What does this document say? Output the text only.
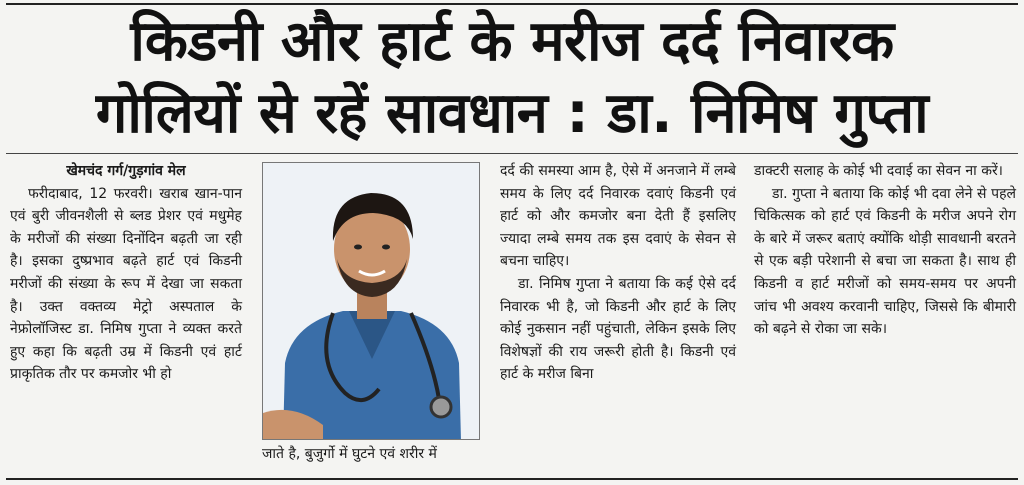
किडनी और हार्ट के मरीज दर्द निवारक
गोलियों से रहें सावधान : डा. निमिष गुप्ता

खेमचंद गर्ग/गुड़गांव मेल

फरीदाबाद, 12 फरवरी। खराब खान-पान एवं बुरी जीवनशैली से ब्लड प्रेशर एवं मधुमेह के मरीजों की संख्या दिनोंदिन बढ़ती जा रही है। इसका दुष्प्रभाव बढ़ते हार्ट एवं किडनी मरीजों की संख्या के रूप में देखा जा सकता है। उक्त वक्तव्य मेट्रो अस्पताल के नेफ्रोलॉजिस्ट डा. निमिष गुप्ता ने व्यक्त करते हुए कहा कि बढ़ती उम्र में किडनी एवं हार्ट प्राकृतिक तौर पर कमजोर भी हो

जाते है, बुजुर्गो में घुटने एवं शरीर में

दर्द की समस्या आम है, ऐसे में अनजाने में लम्बे समय के लिए दर्द निवारक दवाएं किडनी एवं हार्ट को और कमजोर बना देती हैं इसलिए ज्यादा लम्बे समय तक इस दवाएं के सेवन से बचना चाहिए।

डा. निमिष गुप्ता ने बताया कि कई ऐसे दर्द निवारक भी है, जो किडनी और हार्ट के लिए कोई नुकसान नहीं पहुंचाती, लेकिन इसके लिए विशेषज्ञों की राय जरूरी होती है। किडनी एवं हार्ट के मरीज बिना

डाक्टरी सलाह के कोई भी दवाई का सेवन ना करें।

डा. गुप्ता ने बताया कि कोई भी दवा लेने से पहले चिकित्सक को हार्ट एवं किडनी के मरीज अपने रोग के बारे में जरूर बताएं क्योंकि थोड़ी सावधानी बरतने से एक बड़ी परेशानी से बचा जा सकता है। साथ ही किडनी व हार्ट मरीजों को समय-समय पर अपनी जांच भी अवश्य करवानी चाहिए, जिससे कि बीमारी को बढ़ने से रोका जा सके।
